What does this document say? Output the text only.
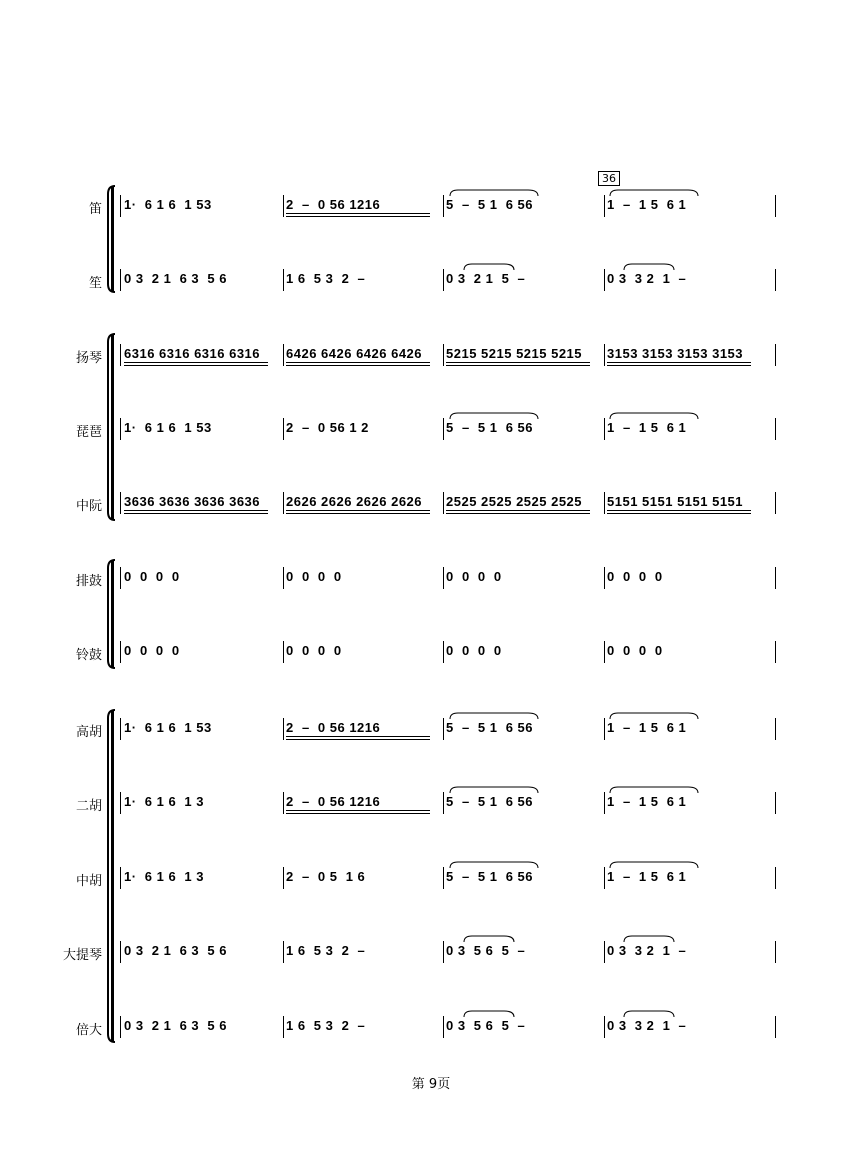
36
笛 1·  6 1 6  1 53	2  –  0 56 1216	5  –  5 1  6 56	1  –  1 5  6 1
笙 0 3  2 1  6 3  5 6	1 6  5 3  2  –	0 3  2 1  5  –	0 3  3 2  1  –
扬琴 6316 6316 6316 6316	6426 6426 6426 6426	5215 5215 5215 5215	3153 3153 3153 3153
琵琶 1·  6 1 6  1 53	2  –  0 56 1 2	5  –  5 1  6 56	1  –  1 5  6 1
中阮 3636 3636 3636 3636	2626 2626 2626 2626	2525 2525 2525 2525	5151 5151 5151 5151
排鼓 0  0  0  0	0  0  0  0	0  0  0  0	0  0  0  0
铃鼓 0  0  0  0	0  0  0  0	0  0  0  0	0  0  0  0
高胡 1·  6 1 6  1 53	2  –  0 56 1216	5  –  5 1  6 56	1  –  1 5  6 1
二胡 1·  6 1 6  1 3	2  –  0 56 1216	5  –  5 1  6 56	1  –  1 5  6 1
中胡 1·  6 1 6  1 3	2  –  0 5  1 6	5  –  5 1  6 56	1  –  1 5  6 1
大提琴 0 3  2 1  6 3  5 6	1 6  5 3  2  –	0 3  5 6  5  –	0 3  3 2  1  –
倍大 0 3  2 1  6 3  5 6	1 6  5 3  2  –	0 3  5 6  5  –	0 3  3 2  1  –
第 9页
